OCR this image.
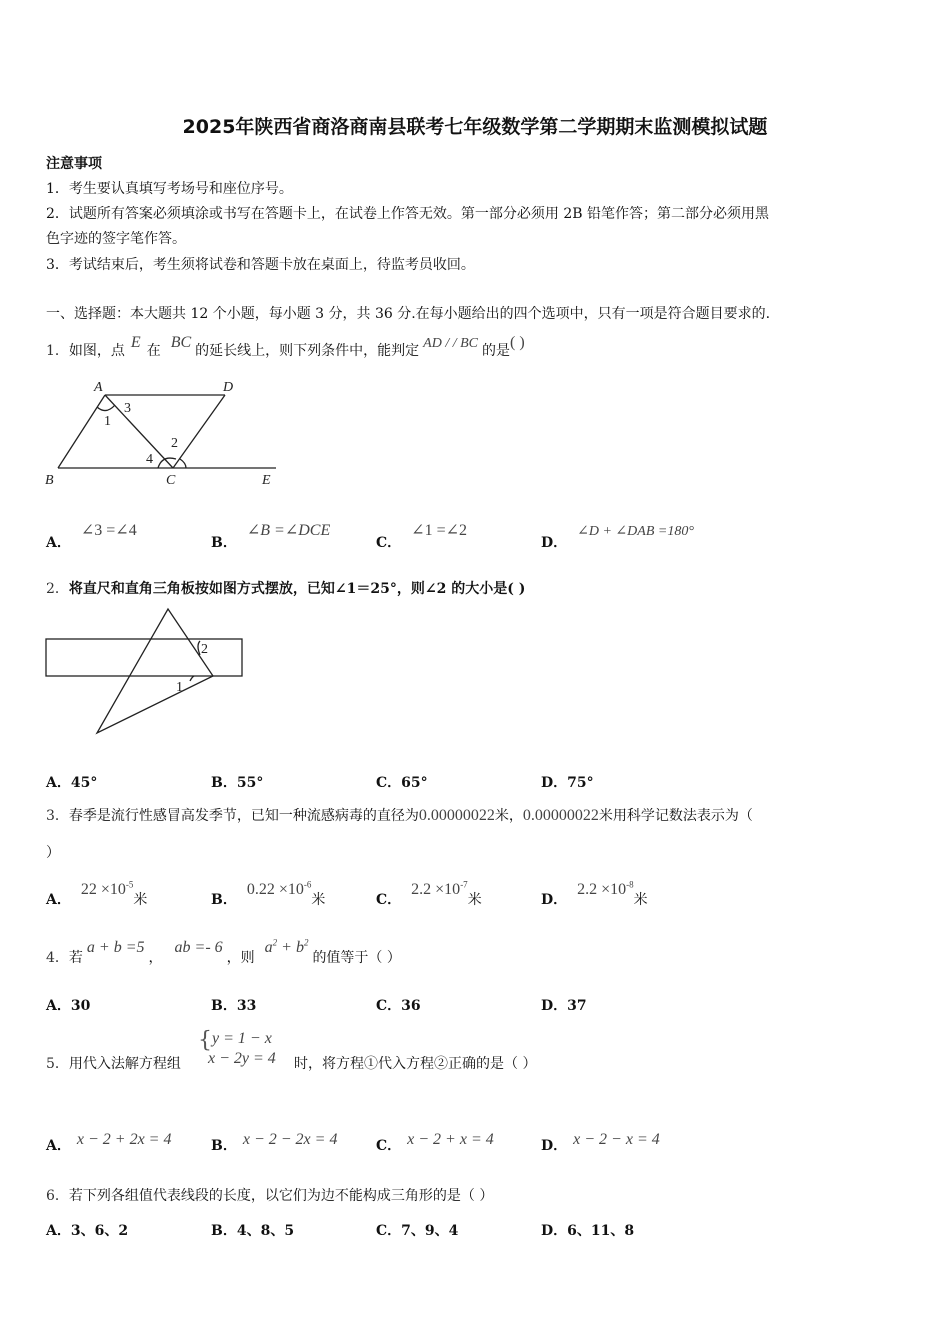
2025年陕西省商洛商南县联考七年级数学第二学期期末监测模拟试题
注意事项
1．考生要认真填写考场号和座位序号。
2．试题所有答案必须填涂或书写在答题卡上，在试卷上作答无效。第一部分必须用 2B 铅笔作答；第二部分必须用黑
色字迹的签字笔作答。
3．考试结束后，考生须将试卷和答题卡放在桌面上，待监考员收回。
一、选择题：本大题共 12 个小题，每小题 3 分，共 36 分.在每小题给出的四个选项中，只有一项是符合题目要求的.
1．如图，点 E 在 BC 的延长线上，则下列条件中，能判定 AD / / BC 的是( )
A	D
B	C	E
1
2
3
4
A．∠3 =∠4
B．∠B =∠DCE
C．∠1 =∠2
D．∠D + ∠DAB =180°
2．将直尺和直角三角板按如图方式摆放，已知∠1＝25°，则∠2 的大小是( )
2
1
A．45°	B．55°	C．65°	D．75°
3．春季是流行性感冒高发季节，已知一种流感病毒的直径为0.00000022米，0.00000022米用科学记数法表示为（
）
A．$22 \times 10^{-5}$米	B．$0.22 \times 10^{-6}$米	C．$2.2 \times 10^{-7}$米	D．$2.2 \times 10^{-8}$米
4．若a + b =5，ab =- 6，则$a^2 + b^2$的值等于（ ）
A．30	B．33	C．36	D．37
5．用代入法解方程组
{ y = 1 − x
x − 2y = 4 时，将方程①代入方程②正确的是（ ）
A． x − 2 + 2x = 4	B． x − 2 − 2x = 4	C． x − 2 + x = 4	D． x − 2 − x = 4
6．若下列各组值代表线段的长度，以它们为边不能构成三角形的是（ ）
A．3、6、2	B．4、8、5	C．7、9、4	D．6、11、8
